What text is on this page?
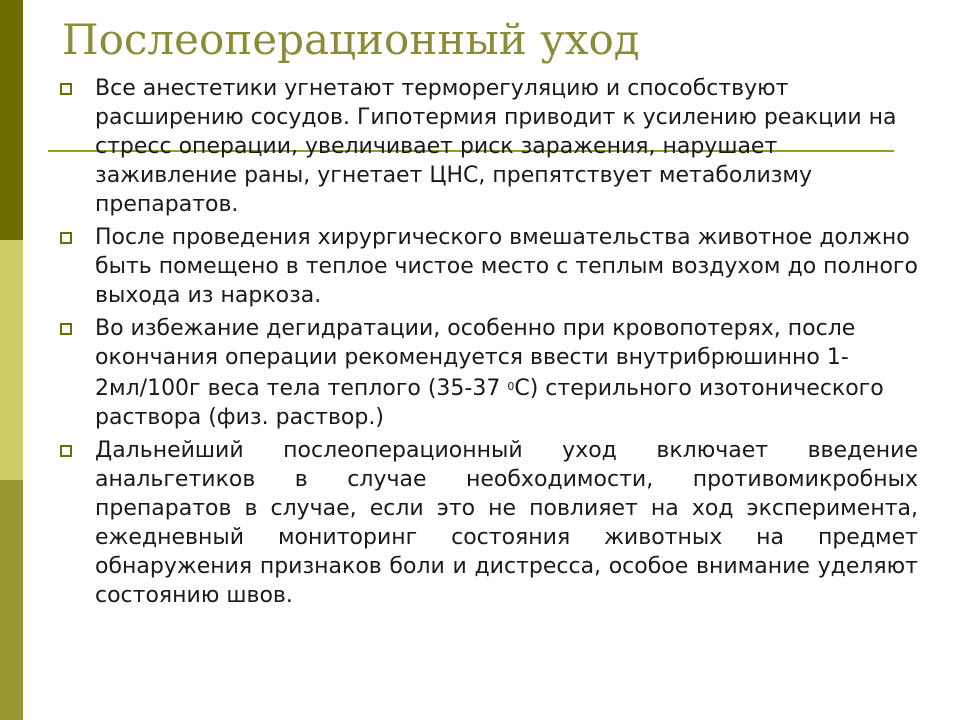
Послеоперационный уход
Все анестетики угнетают терморегуляцию и способствуют расширению сосудов. Гипотермия приводит к усилению реакции на стресс операции, увеличивает риск заражения, нарушает заживление раны, угнетает ЦНС, препятствует метаболизму препаратов.
После проведения хирургического вмешательства животное должно быть помещено в теплое чистое место с теплым воздухом до полного выхода из наркоза.
Во избежание дегидратации, особенно при кровопотерях, после окончания операции рекомендуется ввести внутрибрюшинно 1-2мл/100г веса тела теплого (35-37 $^0$С) стерильного изотонического раствора (физ. раствор.)
Дальнейший послеоперационный уход включает введение анальгетиков в случае необходимости, противомикробных препаратов в случае, если это не повлияет на ход эксперимента, ежедневный мониторинг состояния животных на предмет обнаружения признаков боли и дистресса, особое внимание уделяют состоянию швов.
